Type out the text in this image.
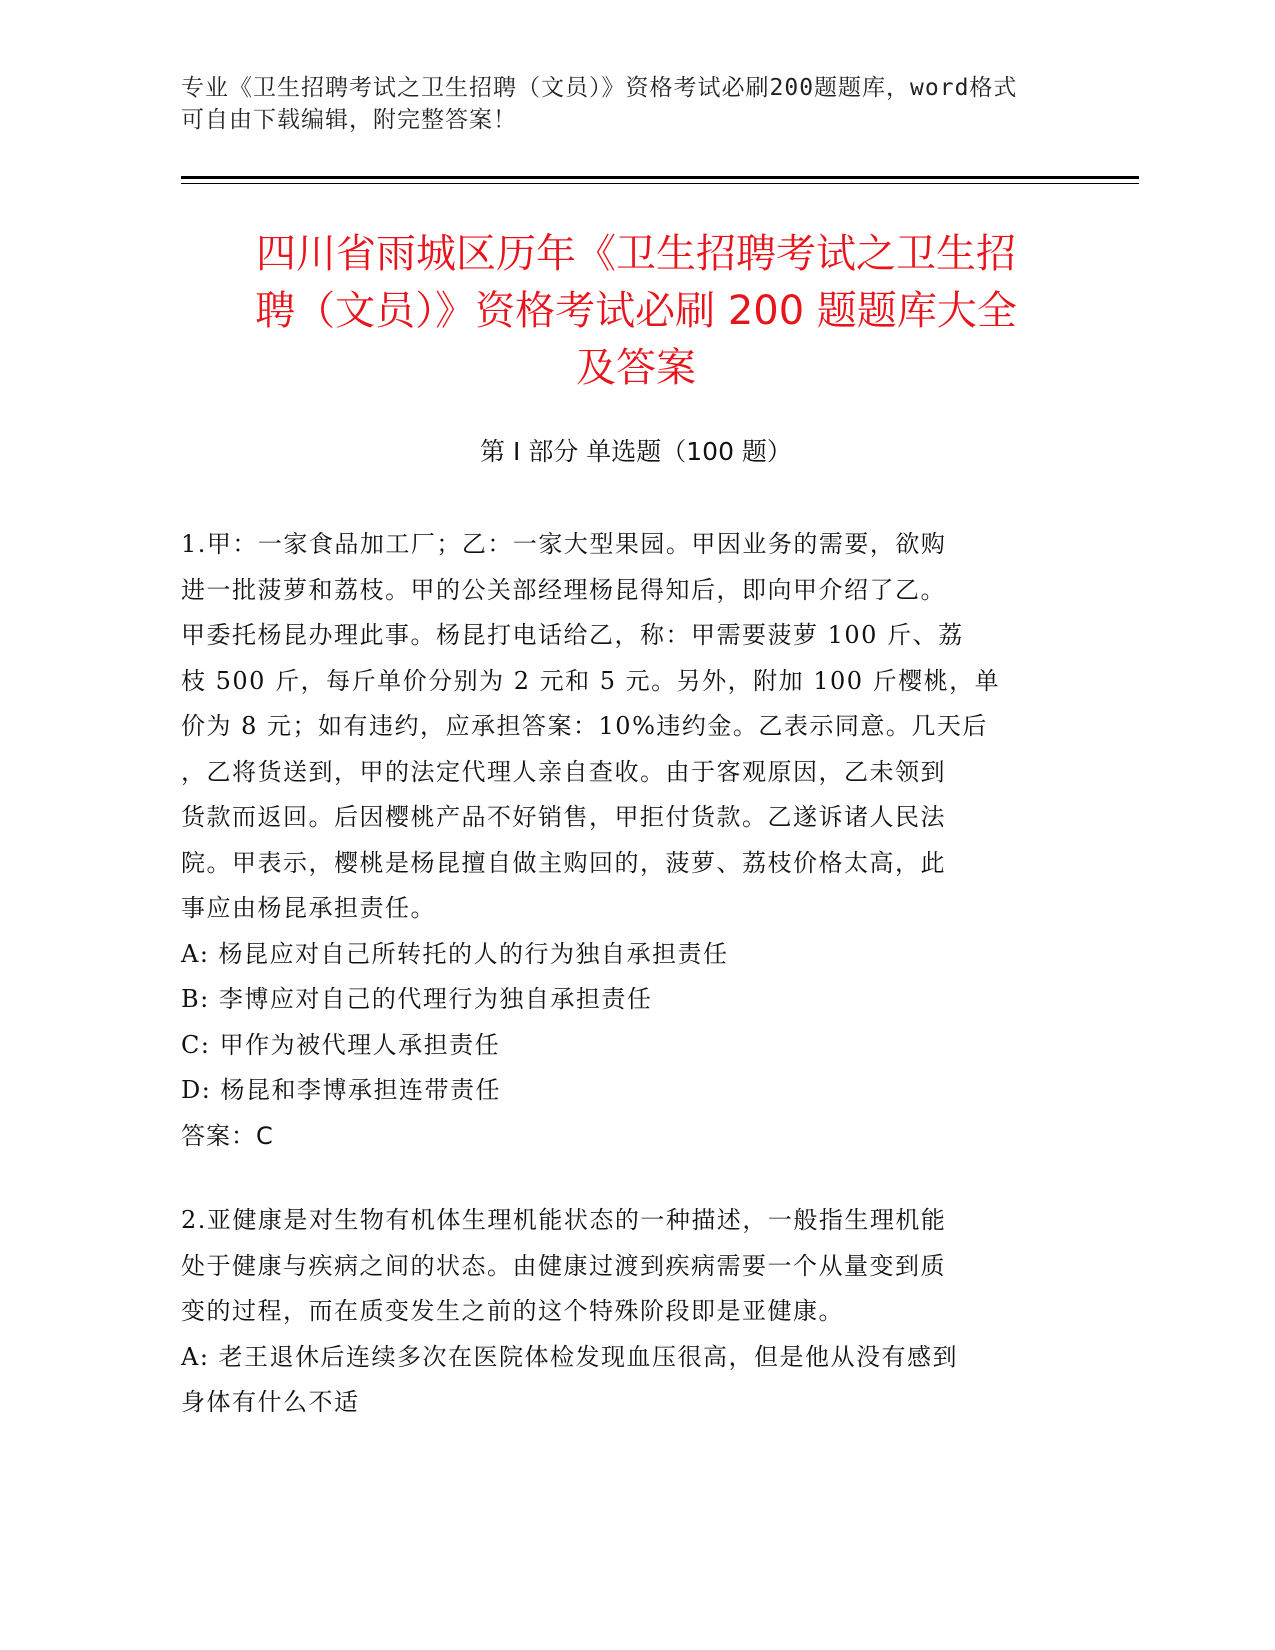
专业《卫生招聘考试之卫生招聘（文员）》资格考试必刷200题题库，word格式
可自由下载编辑，附完整答案！
四川省雨城区历年《卫生招聘考试之卫生招
聘（文员）》资格考试必刷 200 题题库大全
及答案
第 I 部分 单选题（100 题）
1.甲：一家食品加工厂；乙：一家大型果园。甲因业务的需要，欲购
进一批菠萝和荔枝。甲的公关部经理杨昆得知后，即向甲介绍了乙。
甲委托杨昆办理此事。杨昆打电话给乙，称：甲需要菠萝 100 斤、荔
枝 500 斤，每斤单价分别为 2 元和 5 元。另外，附加 100 斤樱桃，单
价为 8 元；如有违约，应承担答案：10%违约金。乙表示同意。几天后
，乙将货送到，甲的法定代理人亲自查收。由于客观原因，乙未领到
货款而返回。后因樱桃产品不好销售，甲拒付货款。乙遂诉诸人民法
院。甲表示，樱桃是杨昆擅自做主购回的，菠萝、荔枝价格太高，此
事应由杨昆承担责任。
A: 杨昆应对自己所转托的人的行为独自承担责任
B: 李博应对自己的代理行为独自承担责任
C: 甲作为被代理人承担责任
D: 杨昆和李博承担连带责任
答案：C
2.亚健康是对生物有机体生理机能状态的一种描述，一般指生理机能
处于健康与疾病之间的状态。由健康过渡到疾病需要一个从量变到质
变的过程，而在质变发生之前的这个特殊阶段即是亚健康。
A: 老王退休后连续多次在医院体检发现血压很高，但是他从没有感到
身体有什么不适
